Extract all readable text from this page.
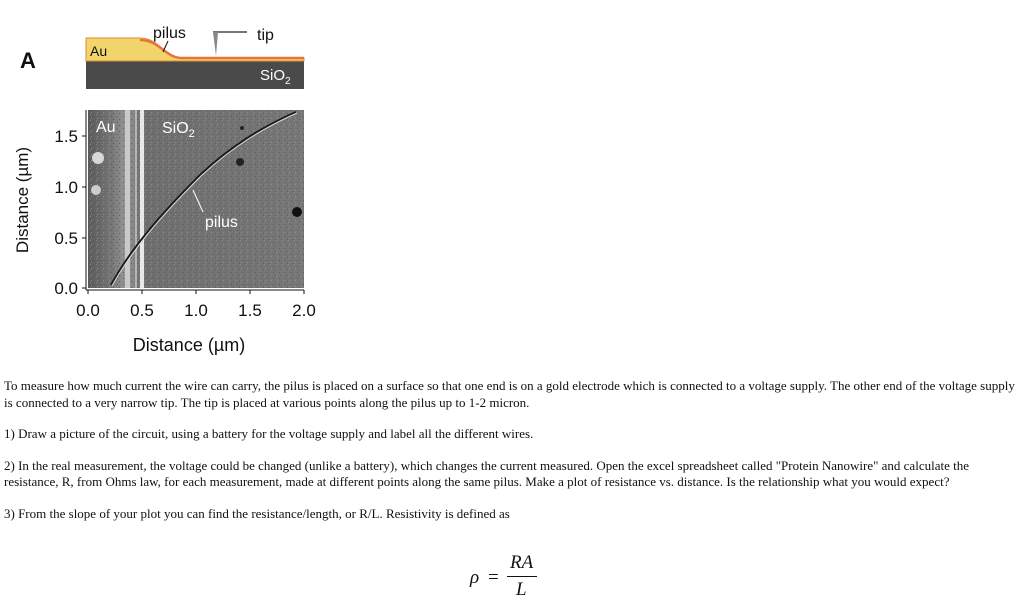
A	Au
pilus	tip
SiO$_2$
Au	SiO$_2$
pilus
0.0
0.5
1.0
1.5
0.0 0.5 1.0 1.5 2.0
Distance (µm)
Distance (µm)

To measure how much current the wire can carry, the pilus is placed on a surface so that one end is on a gold electrode which is connected to a voltage supply. The other end of the voltage supply is connected to a very narrow tip. The tip is placed at various points along the pilus up to 1-2 micron.

1) Draw a picture of the circuit, using a battery for the voltage supply and label all the different wires.

2) In the real measurement, the voltage could be changed (unlike a battery), which changes the current measured. Open the excel spreadsheet called "Protein Nanowire" and calculate the resistance, R, from Ohms law, for each measurement, made at different points along the same pilus. Make a plot of resistance vs. distance. Is the relationship what you would expect?

3) From the slope of your plot you can find the resistance/length, or R/L. Resistivity is defined as

ρ =
RA
L
